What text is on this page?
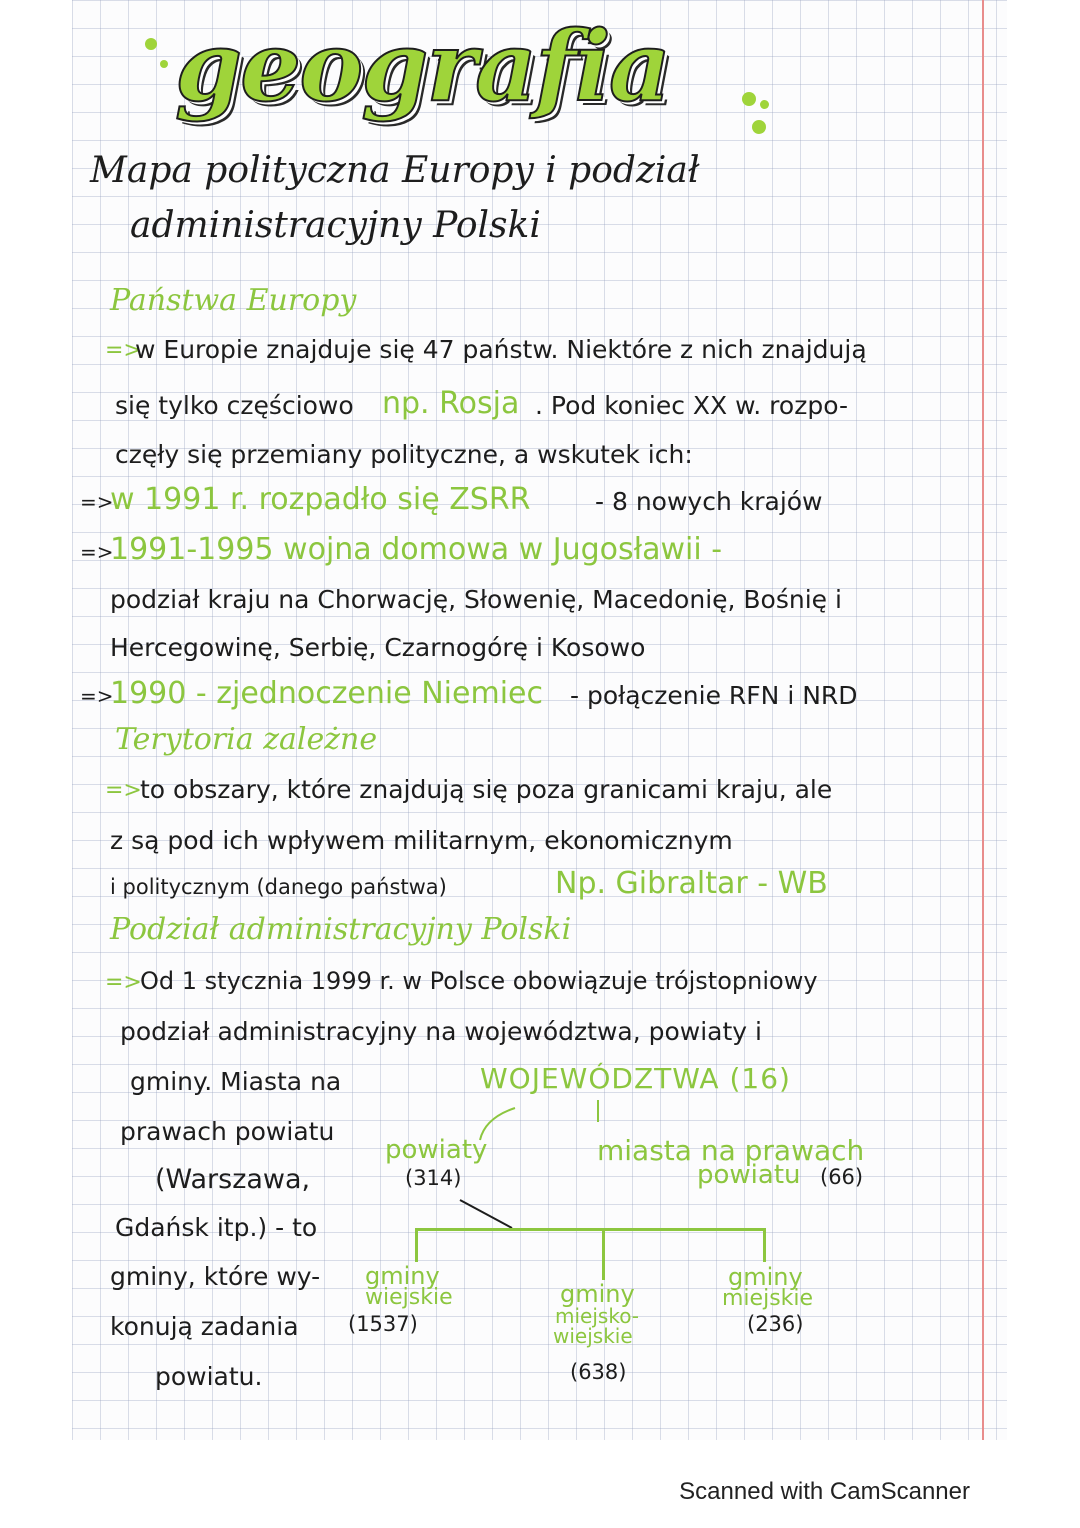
geografia
Mapa polityczna Europy i podział
administracyjny Polski
Państwa Europy
=>
w Europie znajduje się 47 państw. Niektóre z nich znajdują
się tylko częściowo np. Rosja . Pod koniec XX w. rozpo-
częły się przemiany polityczne, a wskutek ich:
=>
w 1991 r. rozpadło się ZSRR	- 8 nowych krajów
=>
1991-1995 wojna domowa w Jugosławii -
podział kraju na Chorwację, Słowenię, Macedonię, Bośnię i
Hercegowinę, Serbię, Czarnogórę i Kosowo
=>
1990 - zjednoczenie Niemiec - połączenie RFN i NRD
Terytoria zależne
=>
to obszary, które znajdują się poza granicami kraju, ale
z są pod ich wpływem militarnym, ekonomicznym
i politycznym (danego państwa)	Np. Gibraltar - WB
Podział administracyjny Polski
=>
Od 1 stycznia 1999 r. w Polsce obowiązuje trójstopniowy
podział administracyjny na województwa, powiaty i
gminy. Miasta na
prawach powiatu
(Warszawa,
Gdańsk itp.) - to
gminy, które wy-
konują zadania
powiatu.
WOJEWÓDZTWA (16)
powiaty
(314)
miasta na prawach
powiatu (66)
gminy
wiejskie
(1537)
gminy
miejsko-
wiejskie
(638)
gminy
miejskie
(236)
Scanned with CamScanner
